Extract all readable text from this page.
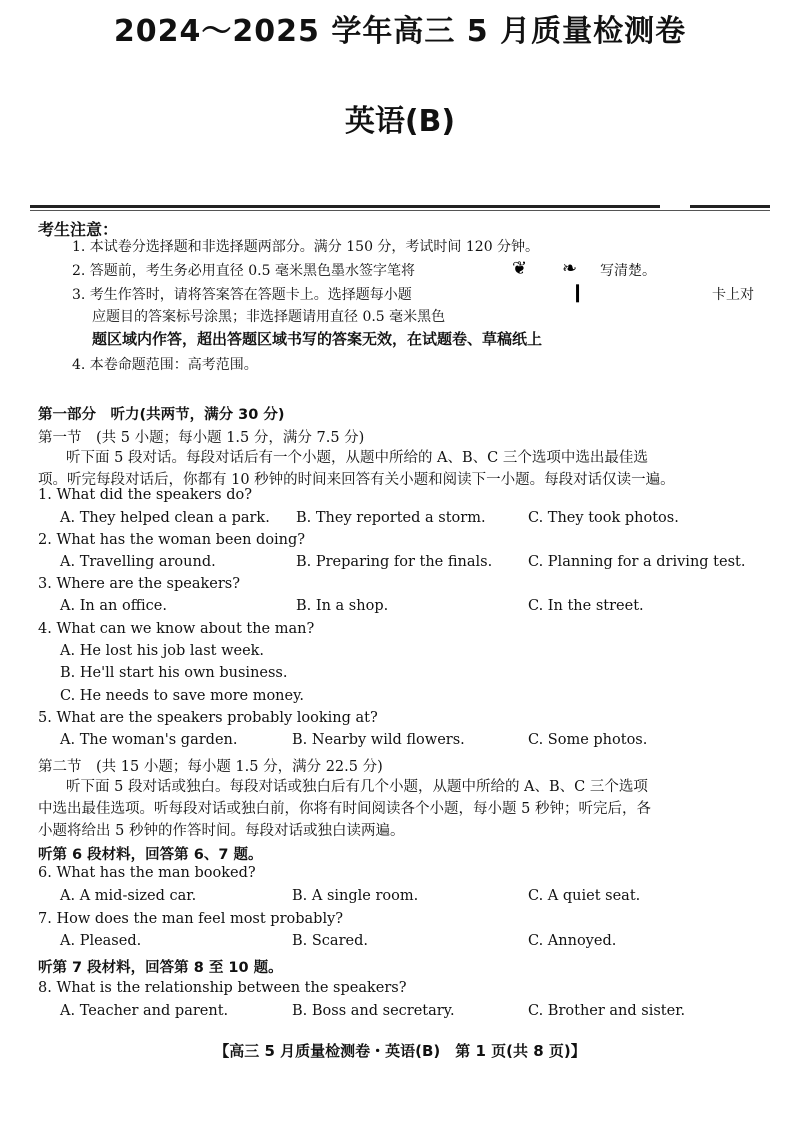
2024～2025 学年高三 5 月质量检测卷
英语(B)
考生注意：
1. 本试卷分选择题和非选择题两部分。满分 150 分，考试时间 120 分钟。
2. 答题前，考生务必用直径 0.5 毫米黑色墨水签字笔将	❦ ❧ 写清楚。
3. 考生作答时，请将答案答在答题卡上。选择题每小题	❙	卡上对
应题目的答案标号涂黑；非选择题请用直径 0.5 毫米黑色
题区域内作答，超出答题区域书写的答案无效，在试题卷、草稿纸上
4. 本卷命题范围：高考范围。
第一部分　听力(共两节，满分 30 分)
第一节　(共 5 小题；每小题 1.5 分，满分 7.5 分)
听下面 5 段对话。每段对话后有一个小题，从题中所给的 A、B、C 三个选项中选出最佳选
项。听完每段对话后，你都有 10 秒钟的时间来回答有关小题和阅读下一小题。每段对话仅读一遍。
1. What did the speakers do?
A. They helped clean a park. B. They reported a storm.	C. They took photos.
2. What has the woman been doing?
A. Travelling around.	B. Preparing for the finals. C. Planning for a driving test.
3. Where are the speakers?
A. In an office.	B. In a shop.	C. In the street.
4. What can we know about the man?
A. He lost his job last week.
B. He'll start his own business.
C. He needs to save more money.
5. What are the speakers probably looking at?
A. The woman's garden.	B. Nearby wild flowers.	C. Some photos.
第二节　(共 15 小题；每小题 1.5 分，满分 22.5 分)
听下面 5 段对话或独白。每段对话或独白后有几个小题，从题中所给的 A、B、C 三个选项
中选出最佳选项。听每段对话或独白前，你将有时间阅读各个小题，每小题 5 秒钟；听完后，各
小题将给出 5 秒钟的作答时间。每段对话或独白读两遍。
听第 6 段材料，回答第 6、7 题。
6. What has the man booked?
A. A mid-sized car.	B. A single room.	C. A quiet seat.
7. How does the man feel most probably?
A. Pleased.	B. Scared.	C. Annoyed.
听第 7 段材料，回答第 8 至 10 题。
8. What is the relationship between the speakers?
A. Teacher and parent.	B. Boss and secretary.	C. Brother and sister.
【高三 5 月质量检测卷・英语(B)　第 1 页(共 8 页)】
